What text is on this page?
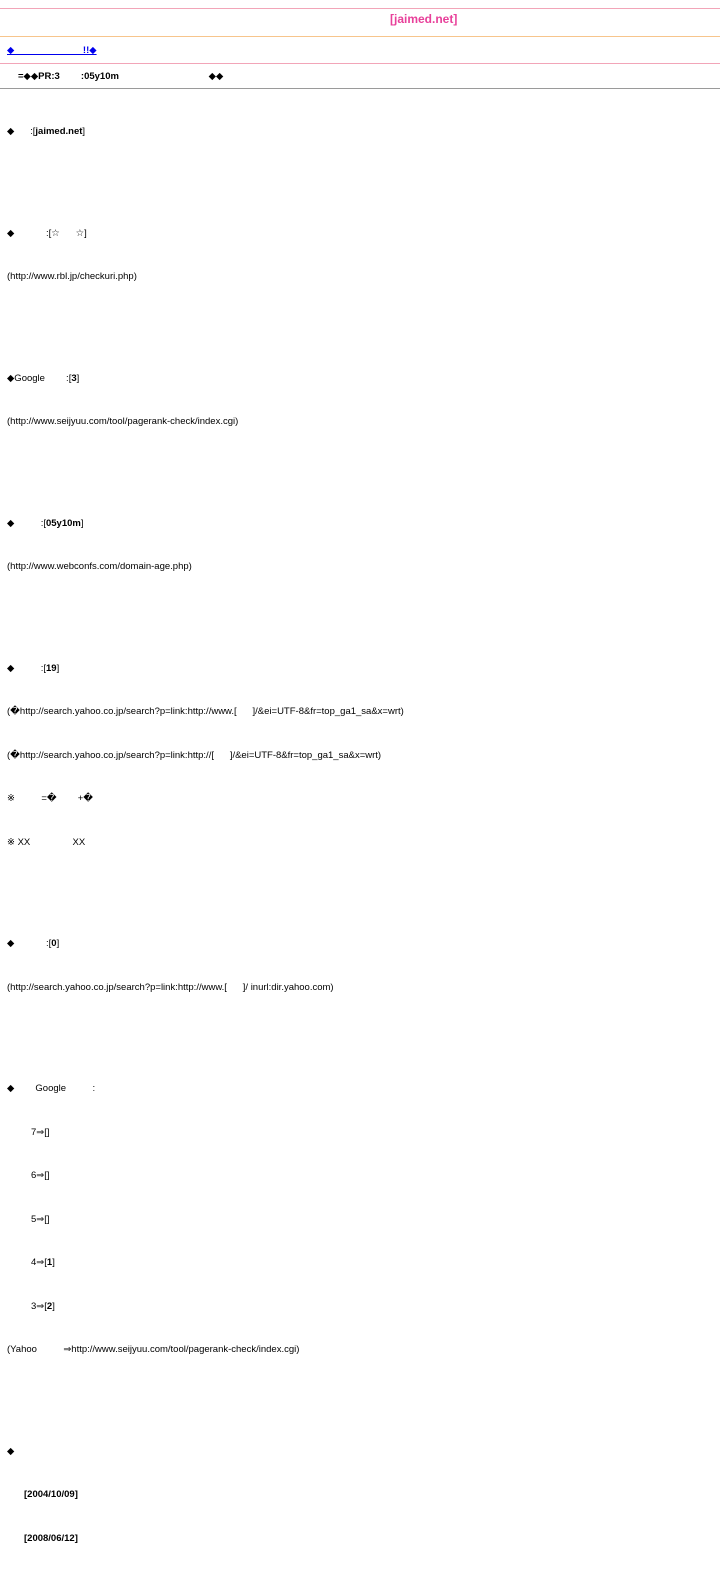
[jaimed.net]
◆                          !!◆
=◆◆PR:3        :05y10m                                  ◆◆

◆      :[jaimed.net]

◆            :[☆      ☆]

(http://www.rbl.jp/checkuri.php)

◆Google        :[3]

(http://www.seijyuu.com/tool/pagerank-check/index.cgi)

◆          :[05y10m]

(http://www.webconfs.com/domain-age.php)

◆          :[19]

(�http://search.yahoo.co.jp/search?p=link:http://www.[      ]/&ei=UTF-8&fr=top_ga1_sa&x=wrt)

(�http://search.yahoo.co.jp/search?p=link:http://[      ]/&ei=UTF-8&fr=top_ga1_sa&x=wrt)

※          =�        +�

※ XX                XX

◆            :[0]

(http://search.yahoo.co.jp/search?p=link:http://www.[      ]/ inurl:dir.yahoo.com)

◆        Google          :

7⇒[]

6⇒[]

5⇒[]

4⇒[1]

3⇒[2]

(Yahoo          ⇒http://www.seijyuu.com/tool/pagerank-check/index.cgi)

◆

[2004/10/09]

[2008/06/12]
